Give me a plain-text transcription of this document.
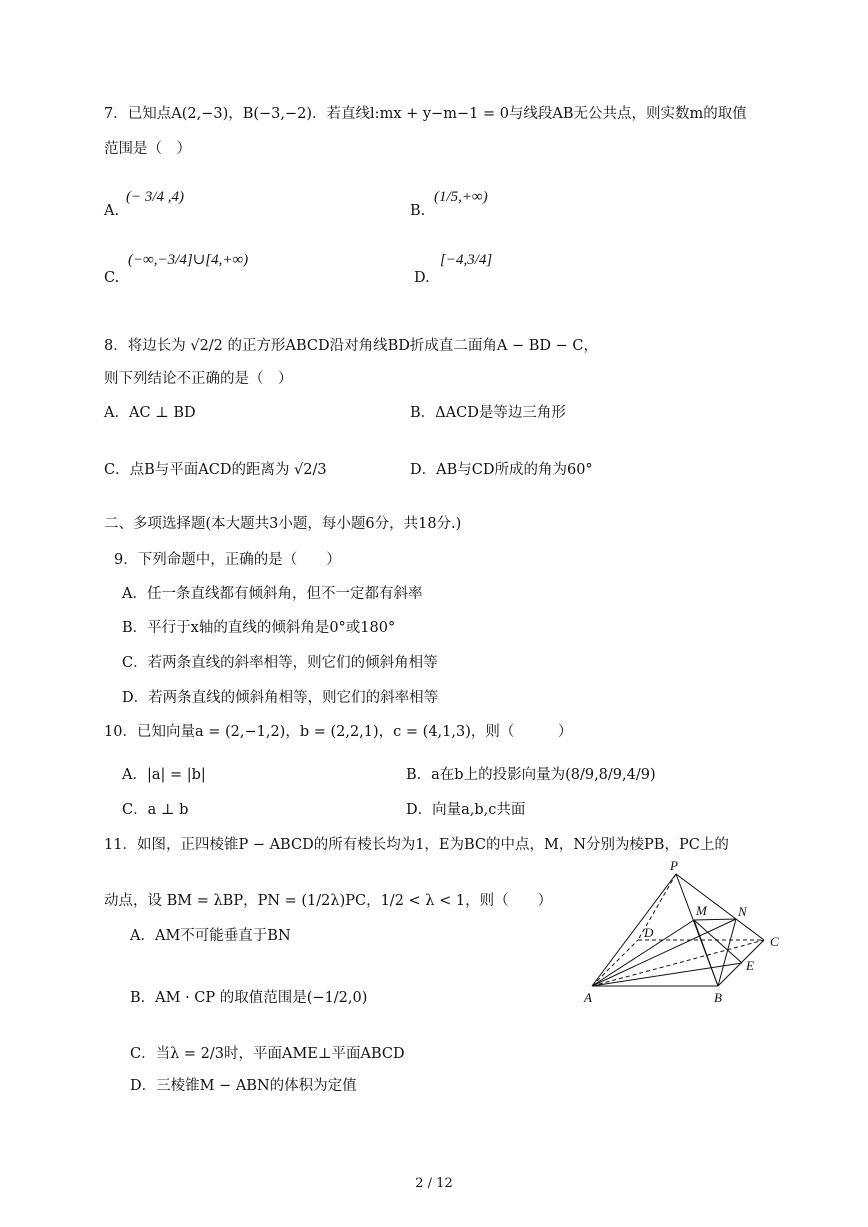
7．已知点A(2,−3)，B(−3,−2)．若直线l:mx + y−m−1 = 0与线段AB无公共点，则实数m的取值
范围是（　）
A.
(− 3/4 ,4)
B.
(1/5,+∞)
C.
(−∞,−3/4]∪[4,+∞)
D.
[−4,3/4]
8．将边长为 √2/2 的正方形ABCD沿对角线BD折成直二面角A − BD − C，
则下列结论不正确的是（　）
A．AC ⊥ BD	B．ΔACD是等边三角形
C．点B与平面ACD的距离为 √2/3	D．AB与CD所成的角为60°
二、多项选择题(本大题共3小题，每小题6分，共18分.)
9．下列命题中，正确的是（　　）
A．任一条直线都有倾斜角，但不一定都有斜率
B．平行于x轴的直线的倾斜角是0°或180°
C．若两条直线的斜率相等，则它们的倾斜角相等
D．若两条直线的倾斜角相等，则它们的斜率相等
10．已知向量a = (2,−1,2)，b = (2,2,1)，c = (4,1,3)，则（　　　）
A．|a| = |b|	B．a在b上的投影向量为(8/9,8/9,4/9)
C．a ⊥ b	D．向量a,b,c共面
11．如图，正四棱锥P − ABCD的所有棱长均为1，E为BC的中点，M，N分别为棱PB，PC上的
动点，设 BM = λBP，PN = (1/2λ)PC，1/2 < λ < 1，则（　　）
A．AM不可能垂直于BN
B．AM · CP 的取值范围是(−1/2,0)
C．当λ = 2/3时，平面AME⊥平面ABCD
D．三棱锥M − ABN的体积为定值
P
M N
D
C
E
A	B
2 / 12
